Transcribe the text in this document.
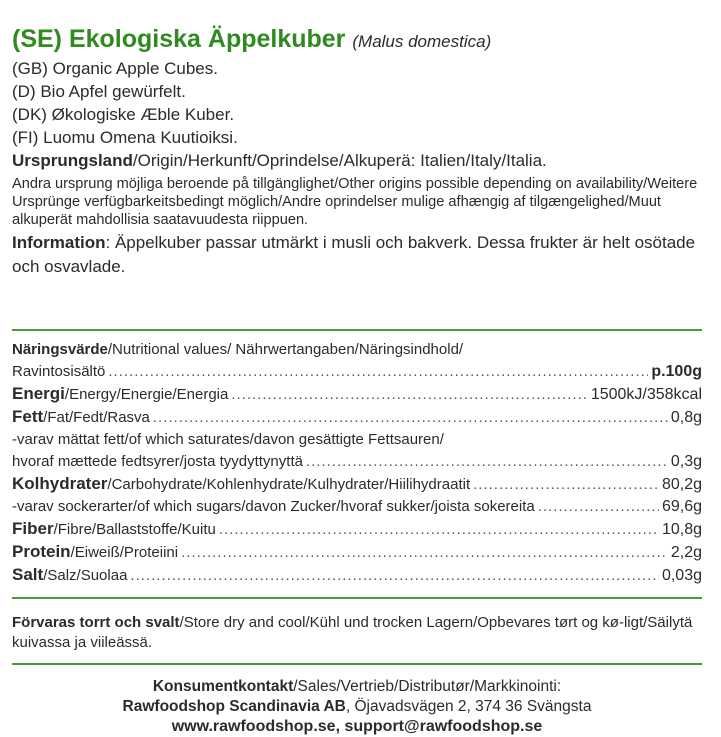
(SE) Ekologiska Äppelkuber (Malus domestica)
(GB) Organic Apple Cubes.
(D) Bio Apfel gewürfelt.
(DK) Økologiske Æble Kuber.
(FI) Luomu Omena Kuutioiksi.
Ursprungsland/Origin/Herkunft/Oprindelse/Alkuperä: Italien/Italy/Italia.
Andra ursprung möjliga beroende på tillgänglighet/Other origins possible depending on availability/Weitere Ursprünge verfügbarkeitsbedingt möglich/Andre oprindelser mulige afhængig af tilgængelighed/Muut alkuperät mahdollisia saatavuudesta riippuen.
Information: Äppelkuber passar utmärkt i musli och bakverk. Dessa frukter är helt osötade och osvavlade.
Näringsvärde/Nutritional values/ Nährwertangaben/Näringsindhold/
Ravintosisältö .....	p.100g
Energi/Energy/Energie/Energia .....	1500kJ/358kcal
Fett/Fat/Fedt/Rasva .....	0,8g
-varav mättat fett/of which saturates/davon gesättigte Fettsauren/
hvoraf mættede fedtsyrer/josta tyydyttynyttä .....	0,3g
Kolhydrater/Carbohydrate/Kohlenhydrate/Kulhydrater/Hiilihydraatit .....	80,2g
-varav sockerarter/of which sugars/davon Zucker/hvoraf sukker/joista sokereita .....	69,6g
Fiber/Fibre/Ballaststoffe/Kuitu .....	10,8g
Protein/Eiweiß/Proteiini .....	2,2g
Salt/Salz/Suolaa .....	0,03g
Förvaras torrt och svalt/Store dry and cool/Kühl und trocken Lagern/Opbevares tørt og kø-ligt/Säilytä kuivassa ja viileässä.
Konsumentkontakt/Sales/Vertrieb/Distributør/Markkinointi:
Rawfoodshop Scandinavia AB, Öjavadsvägen 2, 374 36 Svängsta
www.rawfoodshop.se, support@rawfoodshop.se
